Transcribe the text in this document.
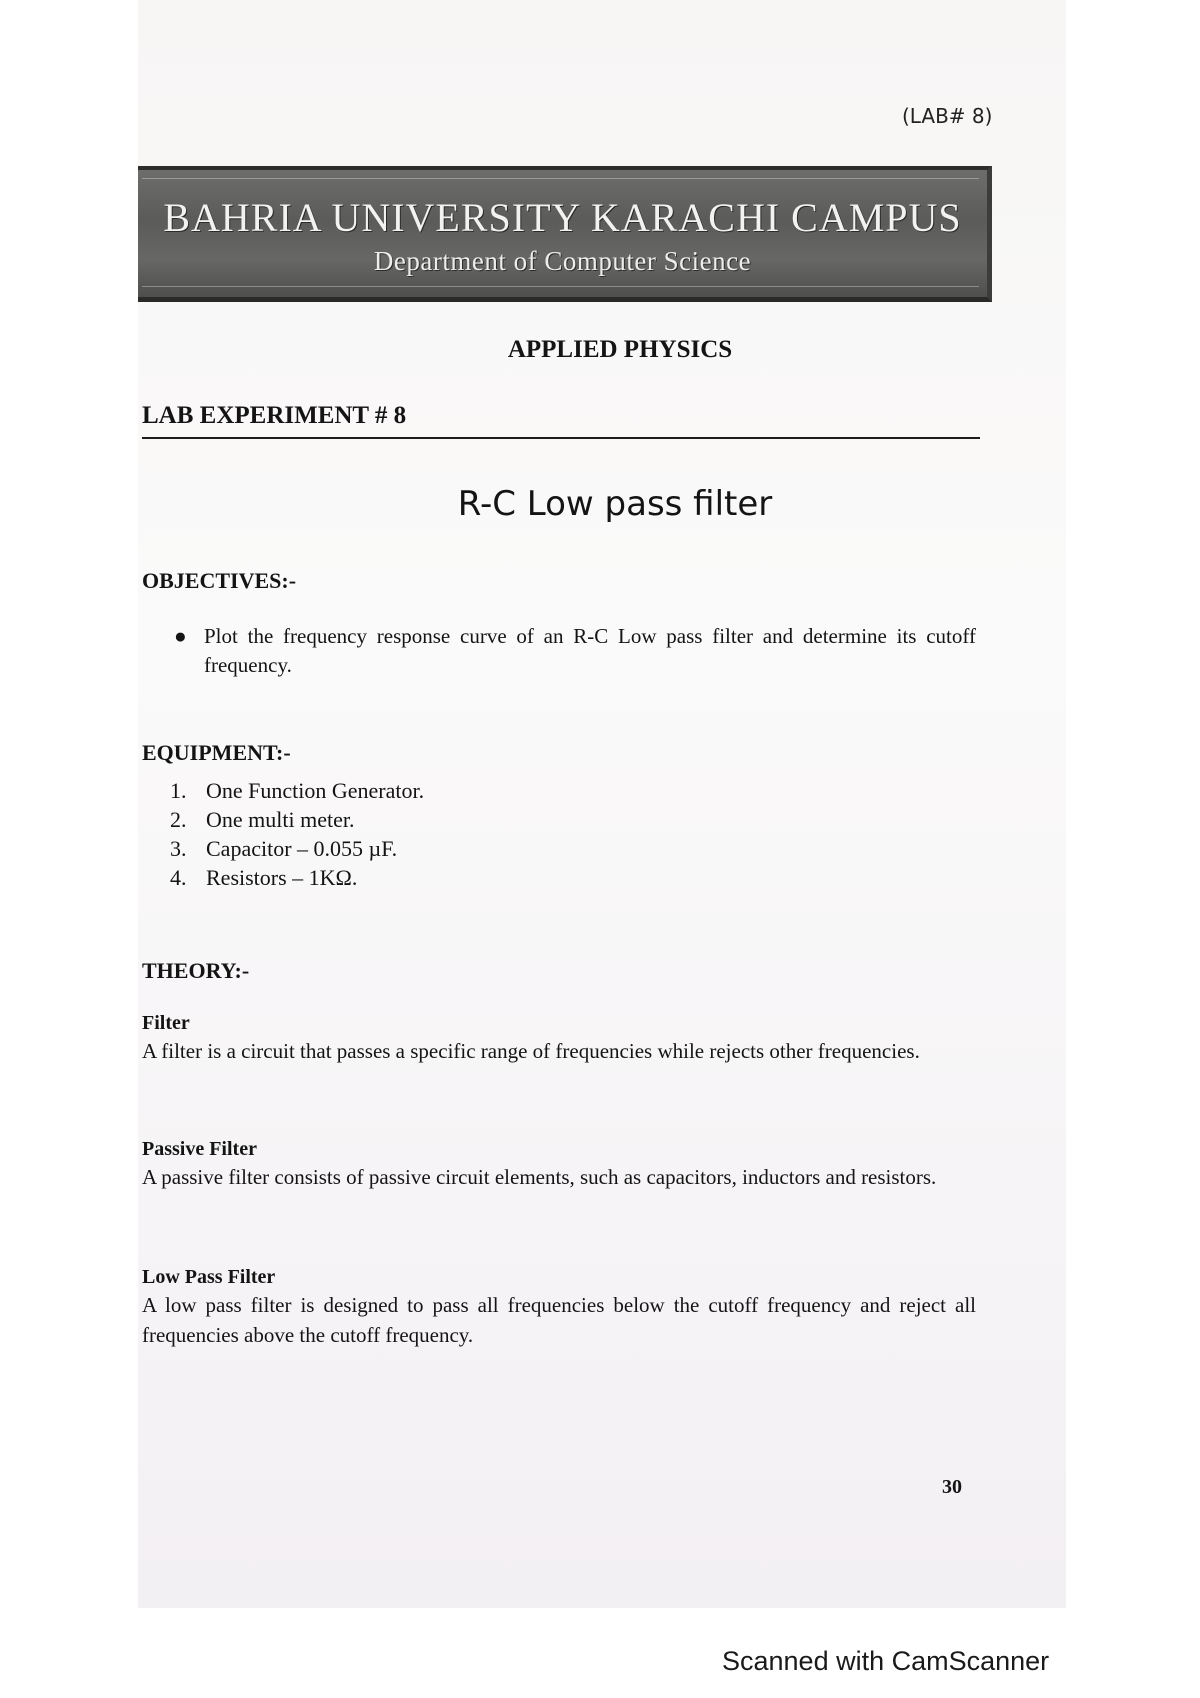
(LAB# 8)
BAHRIA UNIVERSITY KARACHI CAMPUS
Department of Computer Science
APPLIED PHYSICS
LAB EXPERIMENT # 8
R-C Low pass filter
OBJECTIVES:-
● Plot the frequency response curve of an R-C Low pass filter and determine its cutoff frequency.
EQUIPMENT:-
1. One Function Generator.
2. One multi meter.
3. Capacitor – 0.055 µF.
4. Resistors – 1KΩ.
THEORY:-
Filter
A filter is a circuit that passes a specific range of frequencies while rejects other frequencies.
Passive Filter
A passive filter consists of passive circuit elements, such as capacitors, inductors and resistors.
Low Pass Filter
A low pass filter is designed to pass all frequencies below the cutoff frequency and reject all frequencies above the cutoff frequency.
30
Scanned with CamScanner
